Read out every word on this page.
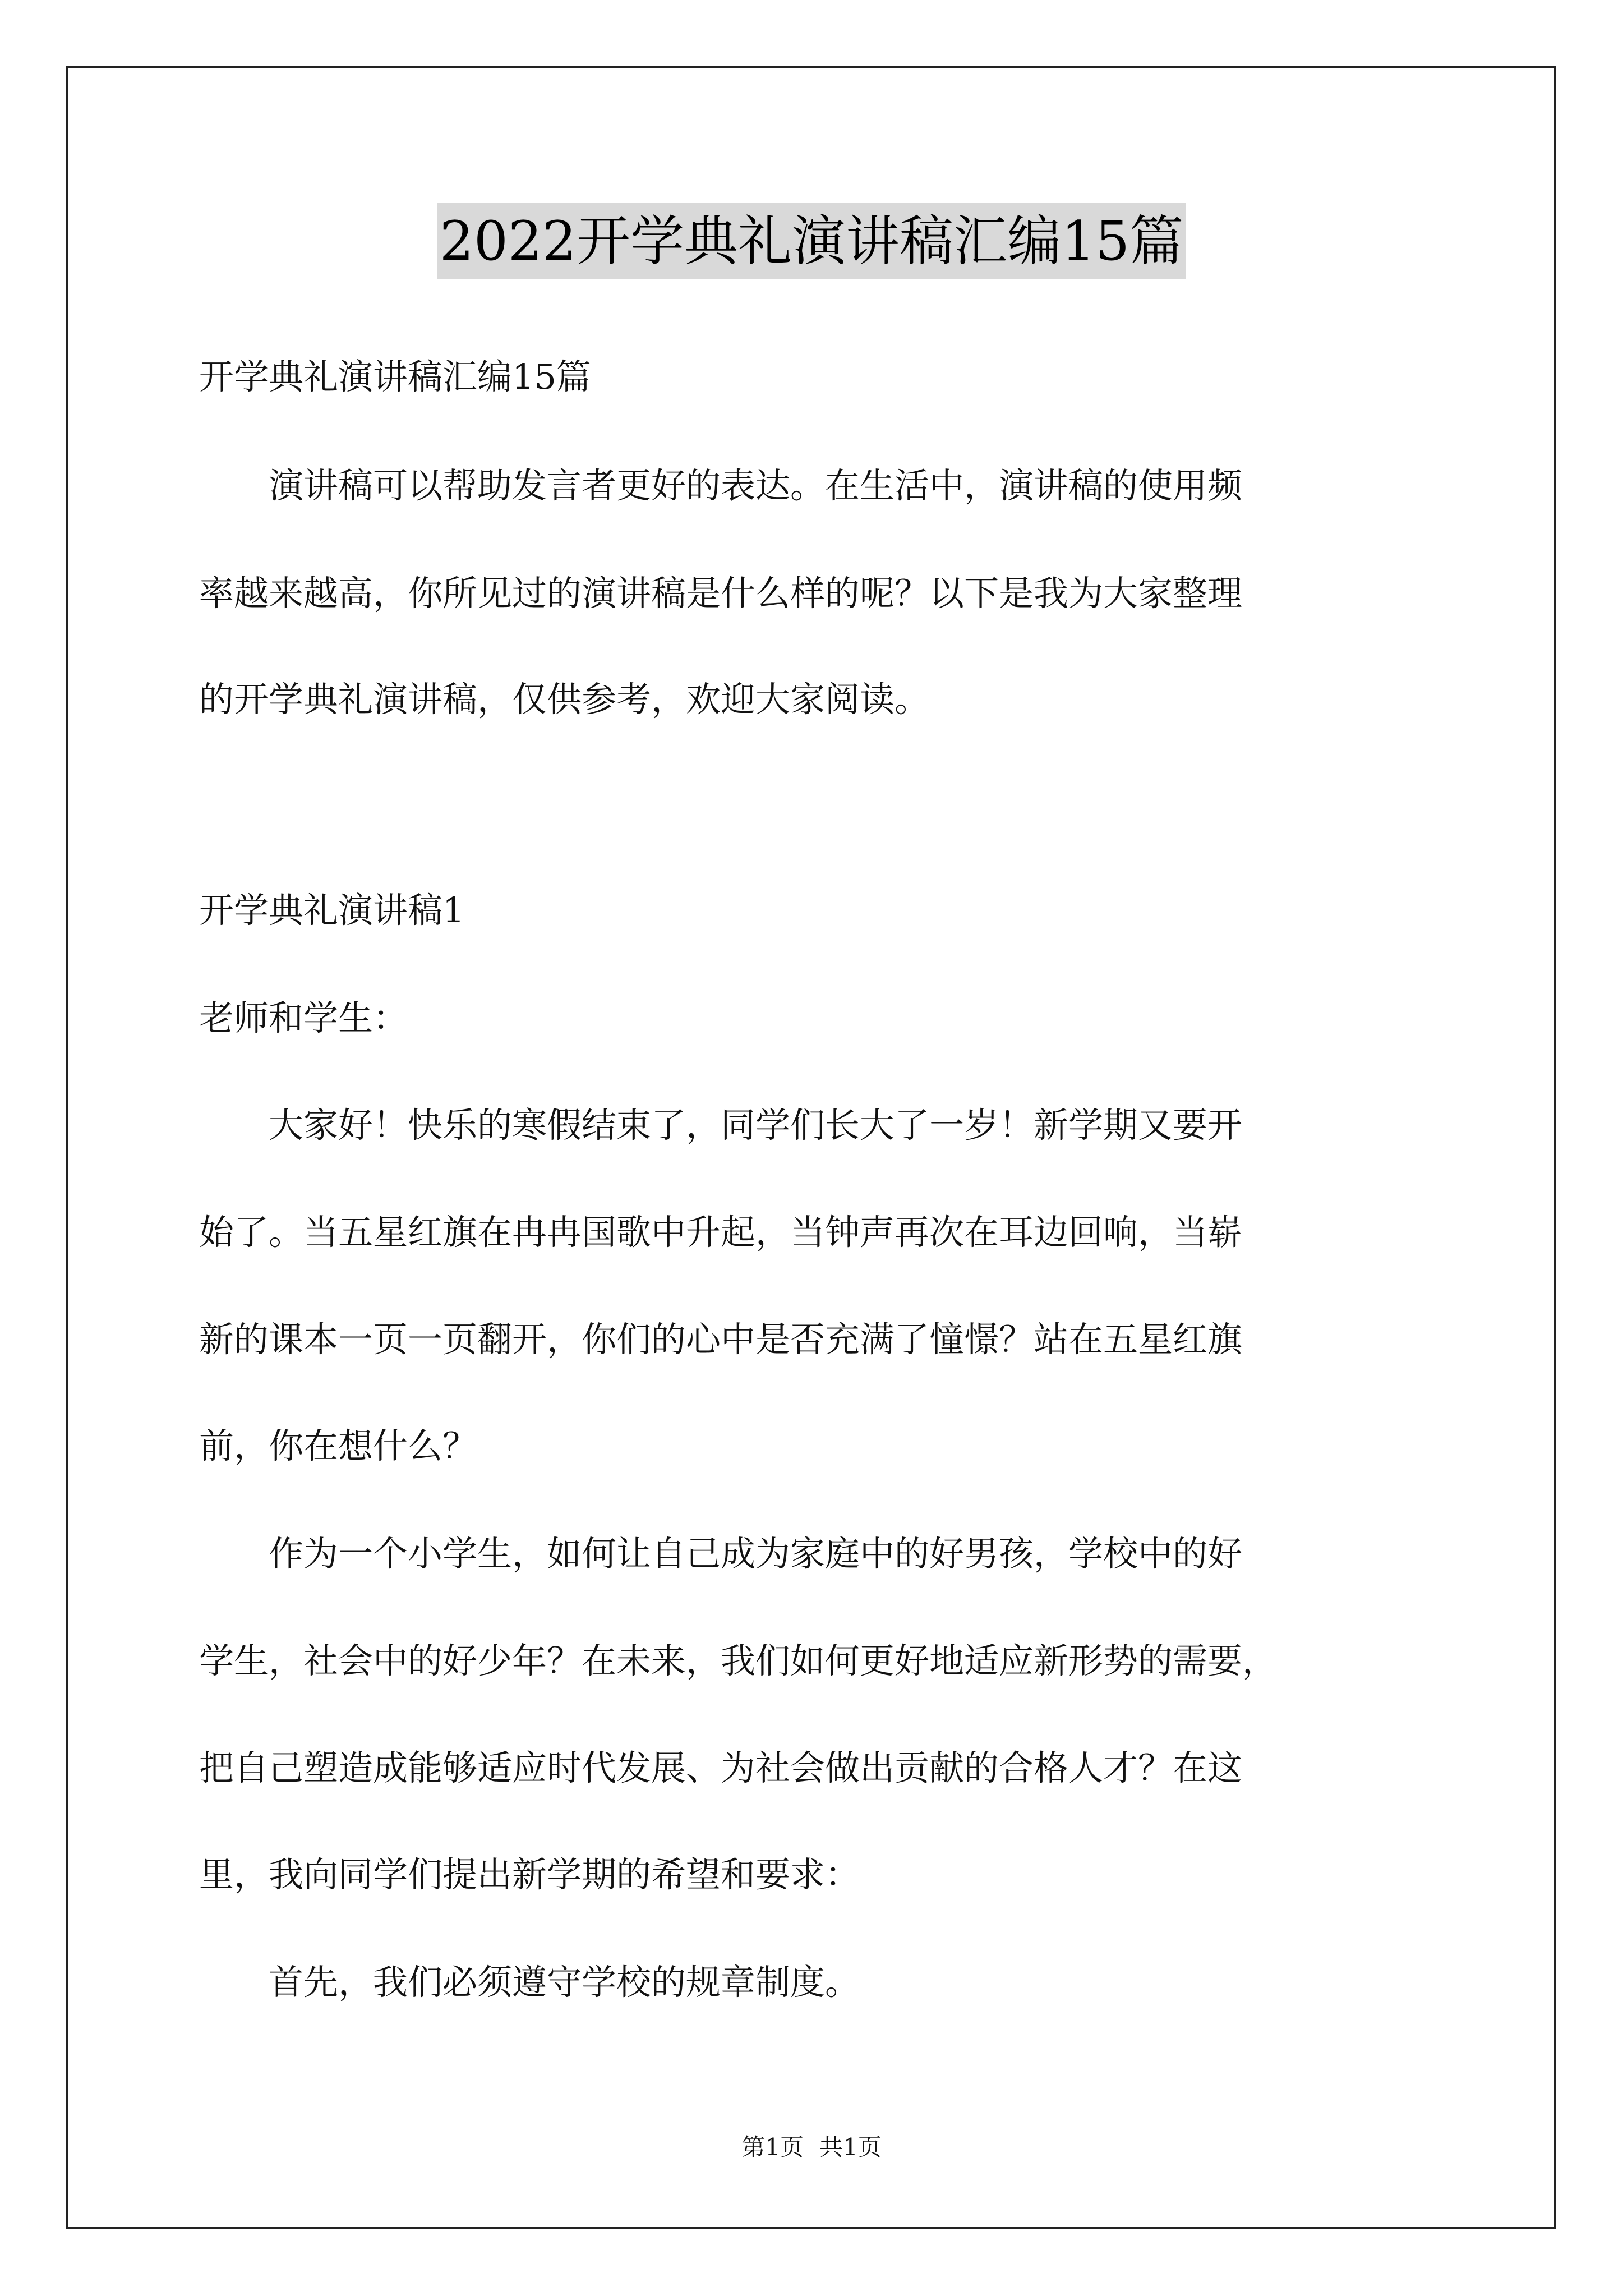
2022开学典礼演讲稿汇编15篇
开学典礼演讲稿汇编15篇
　　演讲稿可以帮助发言者更好的表达。在生活中，演讲稿的使用频
率越来越高，你所见过的演讲稿是什么样的呢？以下是我为大家整理
的开学典礼演讲稿，仅供参考，欢迎大家阅读。
开学典礼演讲稿1
老师和学生：
　　大家好！快乐的寒假结束了，同学们长大了一岁！新学期又要开
始了。当五星红旗在冉冉国歌中升起，当钟声再次在耳边回响，当崭
新的课本一页一页翻开，你们的心中是否充满了憧憬？站在五星红旗
前，你在想什么？
　　作为一个小学生，如何让自己成为家庭中的好男孩，学校中的好
学生，社会中的好少年？在未来，我们如何更好地适应新形势的需要，
把自己塑造成能够适应时代发展、为社会做出贡献的合格人才？在这
里，我向同学们提出新学期的希望和要求：
　　首先，我们必须遵守学校的规章制度。
第1页 共1页
